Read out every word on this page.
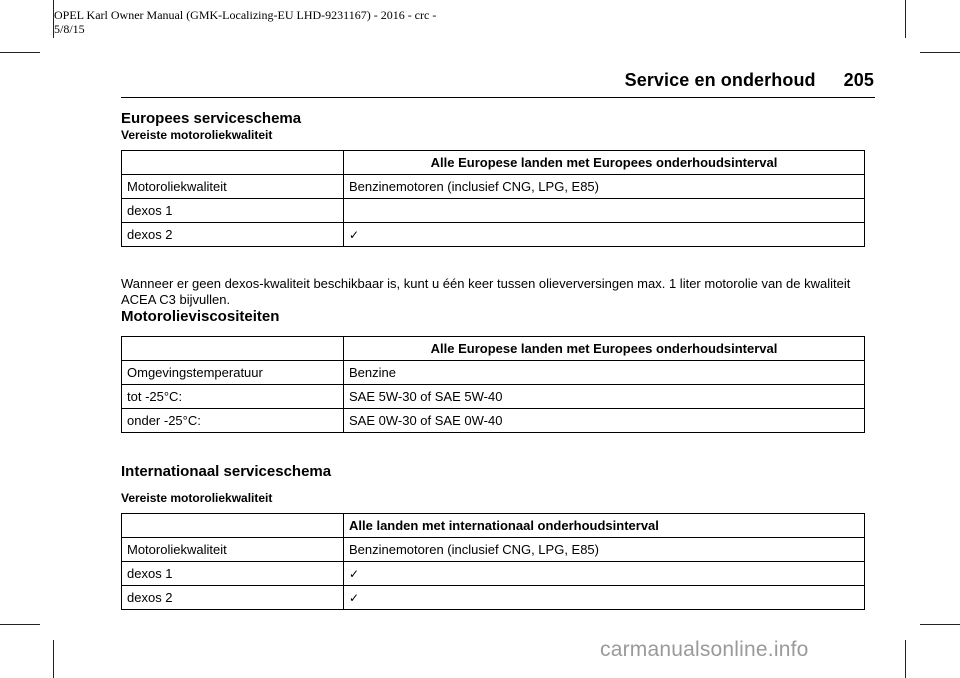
OPEL Karl Owner Manual (GMK-Localizing-EU LHD-9231167) - 2016 - crc -
5/8/15
Service en onderhoud 205
Europees serviceschema
Vereiste motoroliekwaliteit
	Alle Europese landen met Europees onderhoudsinterval
Motoroliekwaliteit	Benzinemotoren (inclusief CNG, LPG, E85)
dexos 1	
dexos 2	✓

Wanneer er geen dexos-kwaliteit beschikbaar is, kunt u één keer tussen olieverversingen max. 1 liter motorolie van de kwaliteit ACEA C3 bijvullen.

Motorolieviscositeiten
	Alle Europese landen met Europees onderhoudsinterval
Omgevingstemperatuur	Benzine
tot -25°C:	SAE 5W-30 of SAE 5W-40
onder -25°C:	SAE 0W-30 of SAE 0W-40
Internationaal serviceschema
Vereiste motoroliekwaliteit
	Alle landen met internationaal onderhoudsinterval
Motoroliekwaliteit	Benzinemotoren (inclusief CNG, LPG, E85)
dexos 1	✓
dexos 2	✓
carmanualsonline.info
